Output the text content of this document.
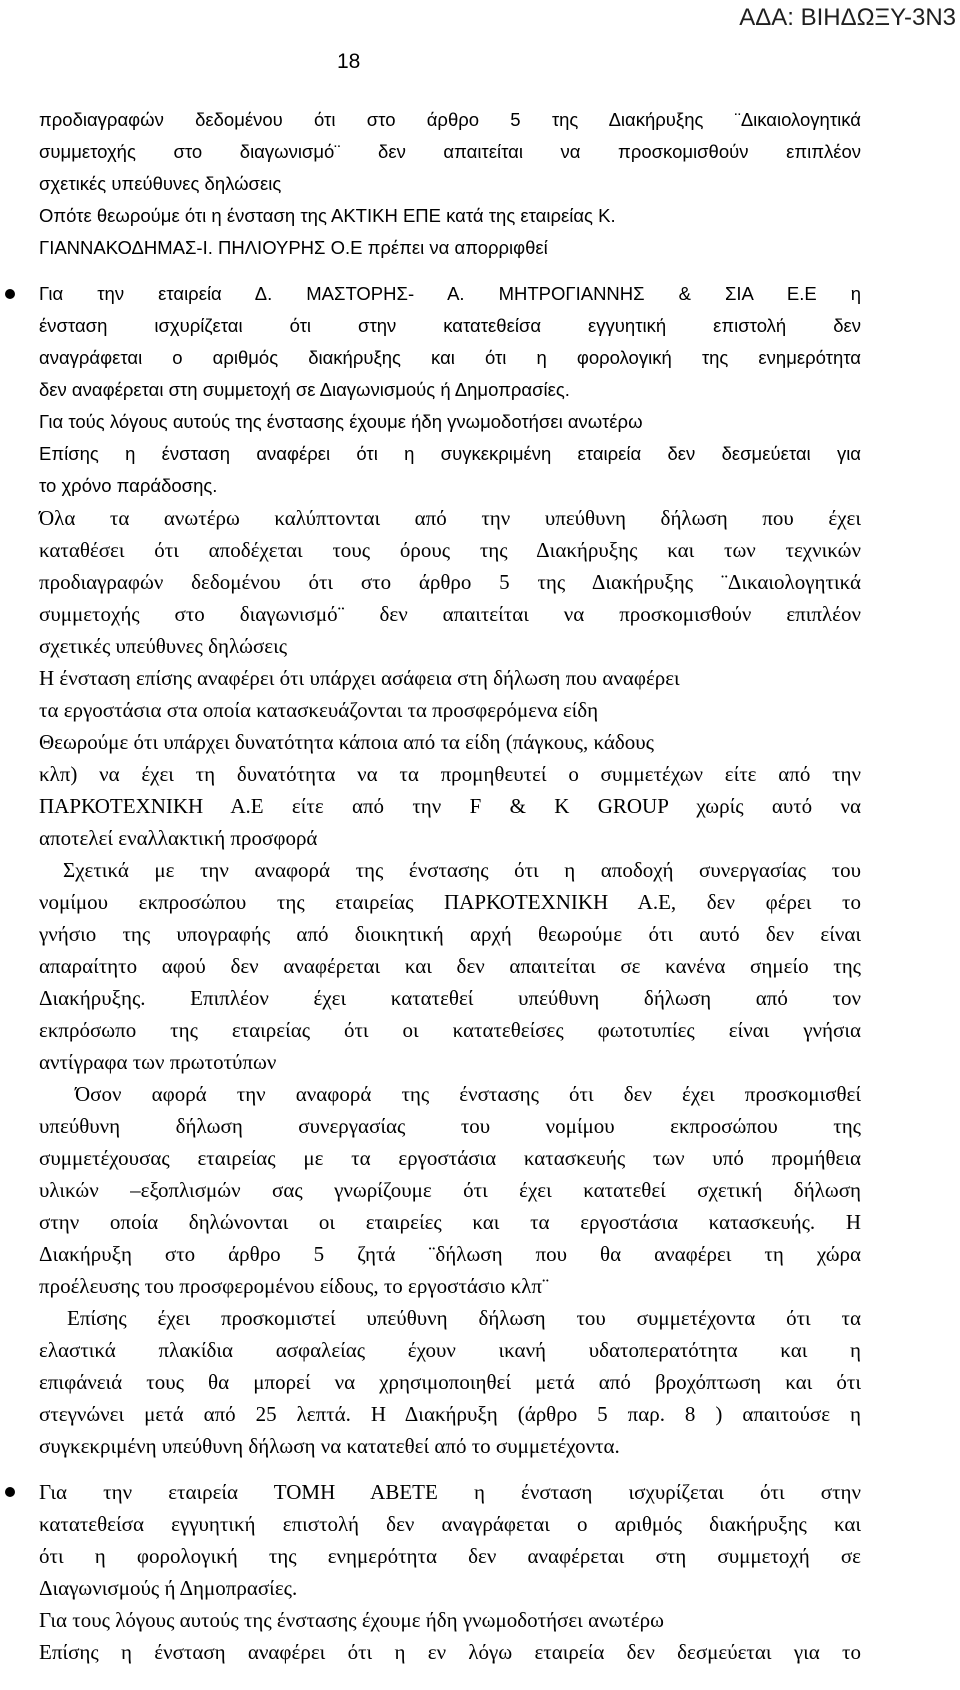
ΑΔΑ: ΒΙΗΔΩΞΥ-3Ν3

18

προδιαγραφών δεδομένου ότι στο άρθρο 5 της Διακήρυξης ¨Δικαιολογητικά

συμμετοχής στο διαγωνισμό¨ δεν απαιτείται να προσκομισθούν επιπλέον

σχετικές υπεύθυνες δηλώσεις

Οπότε θεωρούμε ότι η ένσταση της ΑΚΤΙΚΗ ΕΠΕ κατά της εταιρείας Κ.

ΓΙΑΝΝΑΚΟΔΗΜΑΣ-Ι. ΠΗΛΙΟΥΡΗΣ Ο.Ε πρέπει να απορριφθεί

Για την εταιρεία Δ. ΜΑΣΤΟΡΗΣ- Α. ΜΗΤΡΟΓΙΑΝΝΗΣ & ΣΙΑ Ε.Ε η

ένσταση ισχυρίζεται ότι στην κατατεθείσα εγγυητική επιστολή δεν

αναγράφεται ο αριθμός διακήρυξης και ότι η φορολογική της ενημερότητα

δεν αναφέρεται στη συμμετοχή σε Διαγωνισμούς ή Δημοπρασίες.

Για τούς λόγους αυτούς της ένστασης έχουμε ήδη γνωμοδοτήσει ανωτέρω

Επίσης η ένσταση αναφέρει ότι η συγκεκριμένη εταιρεία δεν δεσμεύεται για

το χρόνο παράδοσης.

Όλα τα ανωτέρω καλύπτονται από την υπεύθυνη δήλωση που έχει

καταθέσει ότι αποδέχεται τους όρους της Διακήρυξης και των τεχνικών

προδιαγραφών δεδομένου ότι στο άρθρο 5 της Διακήρυξης ¨Δικαιολογητικά

συμμετοχής στο διαγωνισμό¨ δεν απαιτείται να προσκομισθούν επιπλέον

σχετικές υπεύθυνες δηλώσεις

Η ένσταση επίσης αναφέρει ότι υπάρχει ασάφεια στη δήλωση που αναφέρει

τα εργοστάσια στα οποία κατασκευάζονται τα προσφερόμενα είδη

Θεωρούμε ότι υπάρχει δυνατότητα κάποια από τα είδη (πάγκους, κάδους

κλπ) να έχει τη δυνατότητα να τα προμηθευτεί ο συμμετέχων είτε από την

ΠΑΡΚΟΤΕΧΝΙΚΗ Α.Ε είτε από την F & K GROUP χωρίς αυτό να

αποτελεί εναλλακτική προσφορά

Σχετικά με την αναφορά της ένστασης ότι η αποδοχή συνεργασίας του

νομίμου εκπροσώπου της εταιρείας ΠΑΡΚΟΤΕΧΝΙΚΗ Α.Ε, δεν φέρει το

γνήσιο της υπογραφής από διοικητική αρχή θεωρούμε ότι αυτό δεν είναι

απαραίτητο αφού δεν αναφέρεται και δεν απαιτείται σε κανένα σημείο της

Διακήρυξης. Επιπλέον έχει κατατεθεί υπεύθυνη δήλωση από τον

εκπρόσωπο της εταιρείας ότι οι κατατεθείσες φωτοτυπίες είναι γνήσια

αντίγραφα των πρωτοτύπων

Όσον αφορά την αναφορά της ένστασης ότι δεν έχει προσκομισθεί

υπεύθυνη δήλωση συνεργασίας του νομίμου εκπροσώπου της

συμμετέχουσας εταιρείας με τα εργοστάσια κατασκευής των υπό προμήθεια

υλικών –εξοπλισμών σας γνωρίζουμε ότι έχει κατατεθεί σχετική δήλωση

στην οποία δηλώνονται οι εταιρείες και τα εργοστάσια κατασκευής. Η

Διακήρυξη στο άρθρο 5 ζητά ¨δήλωση που θα αναφέρει τη χώρα

προέλευσης του προσφερομένου είδους, το εργοστάσιο κλπ¨

Επίσης έχει προσκομιστεί υπεύθυνη δήλωση του συμμετέχοντα ότι τα

ελαστικά πλακίδια ασφαλείας έχουν ικανή υδατοπερατότητα και η

επιφάνειά τους θα μπορεί να χρησιμοποιηθεί μετά από βροχόπτωση και ότι

στεγνώνει μετά από 25 λεπτά. Η Διακήρυξη (άρθρο 5 παρ. 8 ) απαιτούσε η

συγκεκριμένη υπεύθυνη δήλωση να κατατεθεί από το συμμετέχοντα.

Για την εταιρεία ΤΟΜΗ ΑΒΕΤΕ η ένσταση ισχυρίζεται ότι στην

κατατεθείσα εγγυητική επιστολή δεν αναγράφεται ο αριθμός διακήρυξης και

ότι η φορολογική της ενημερότητα δεν αναφέρεται στη συμμετοχή σε

Διαγωνισμούς ή Δημοπρασίες.

Για τους λόγους αυτούς της ένστασης έχουμε ήδη γνωμοδοτήσει ανωτέρω

Επίσης η ένσταση αναφέρει ότι η εν λόγω εταιρεία δεν δεσμεύεται για το
